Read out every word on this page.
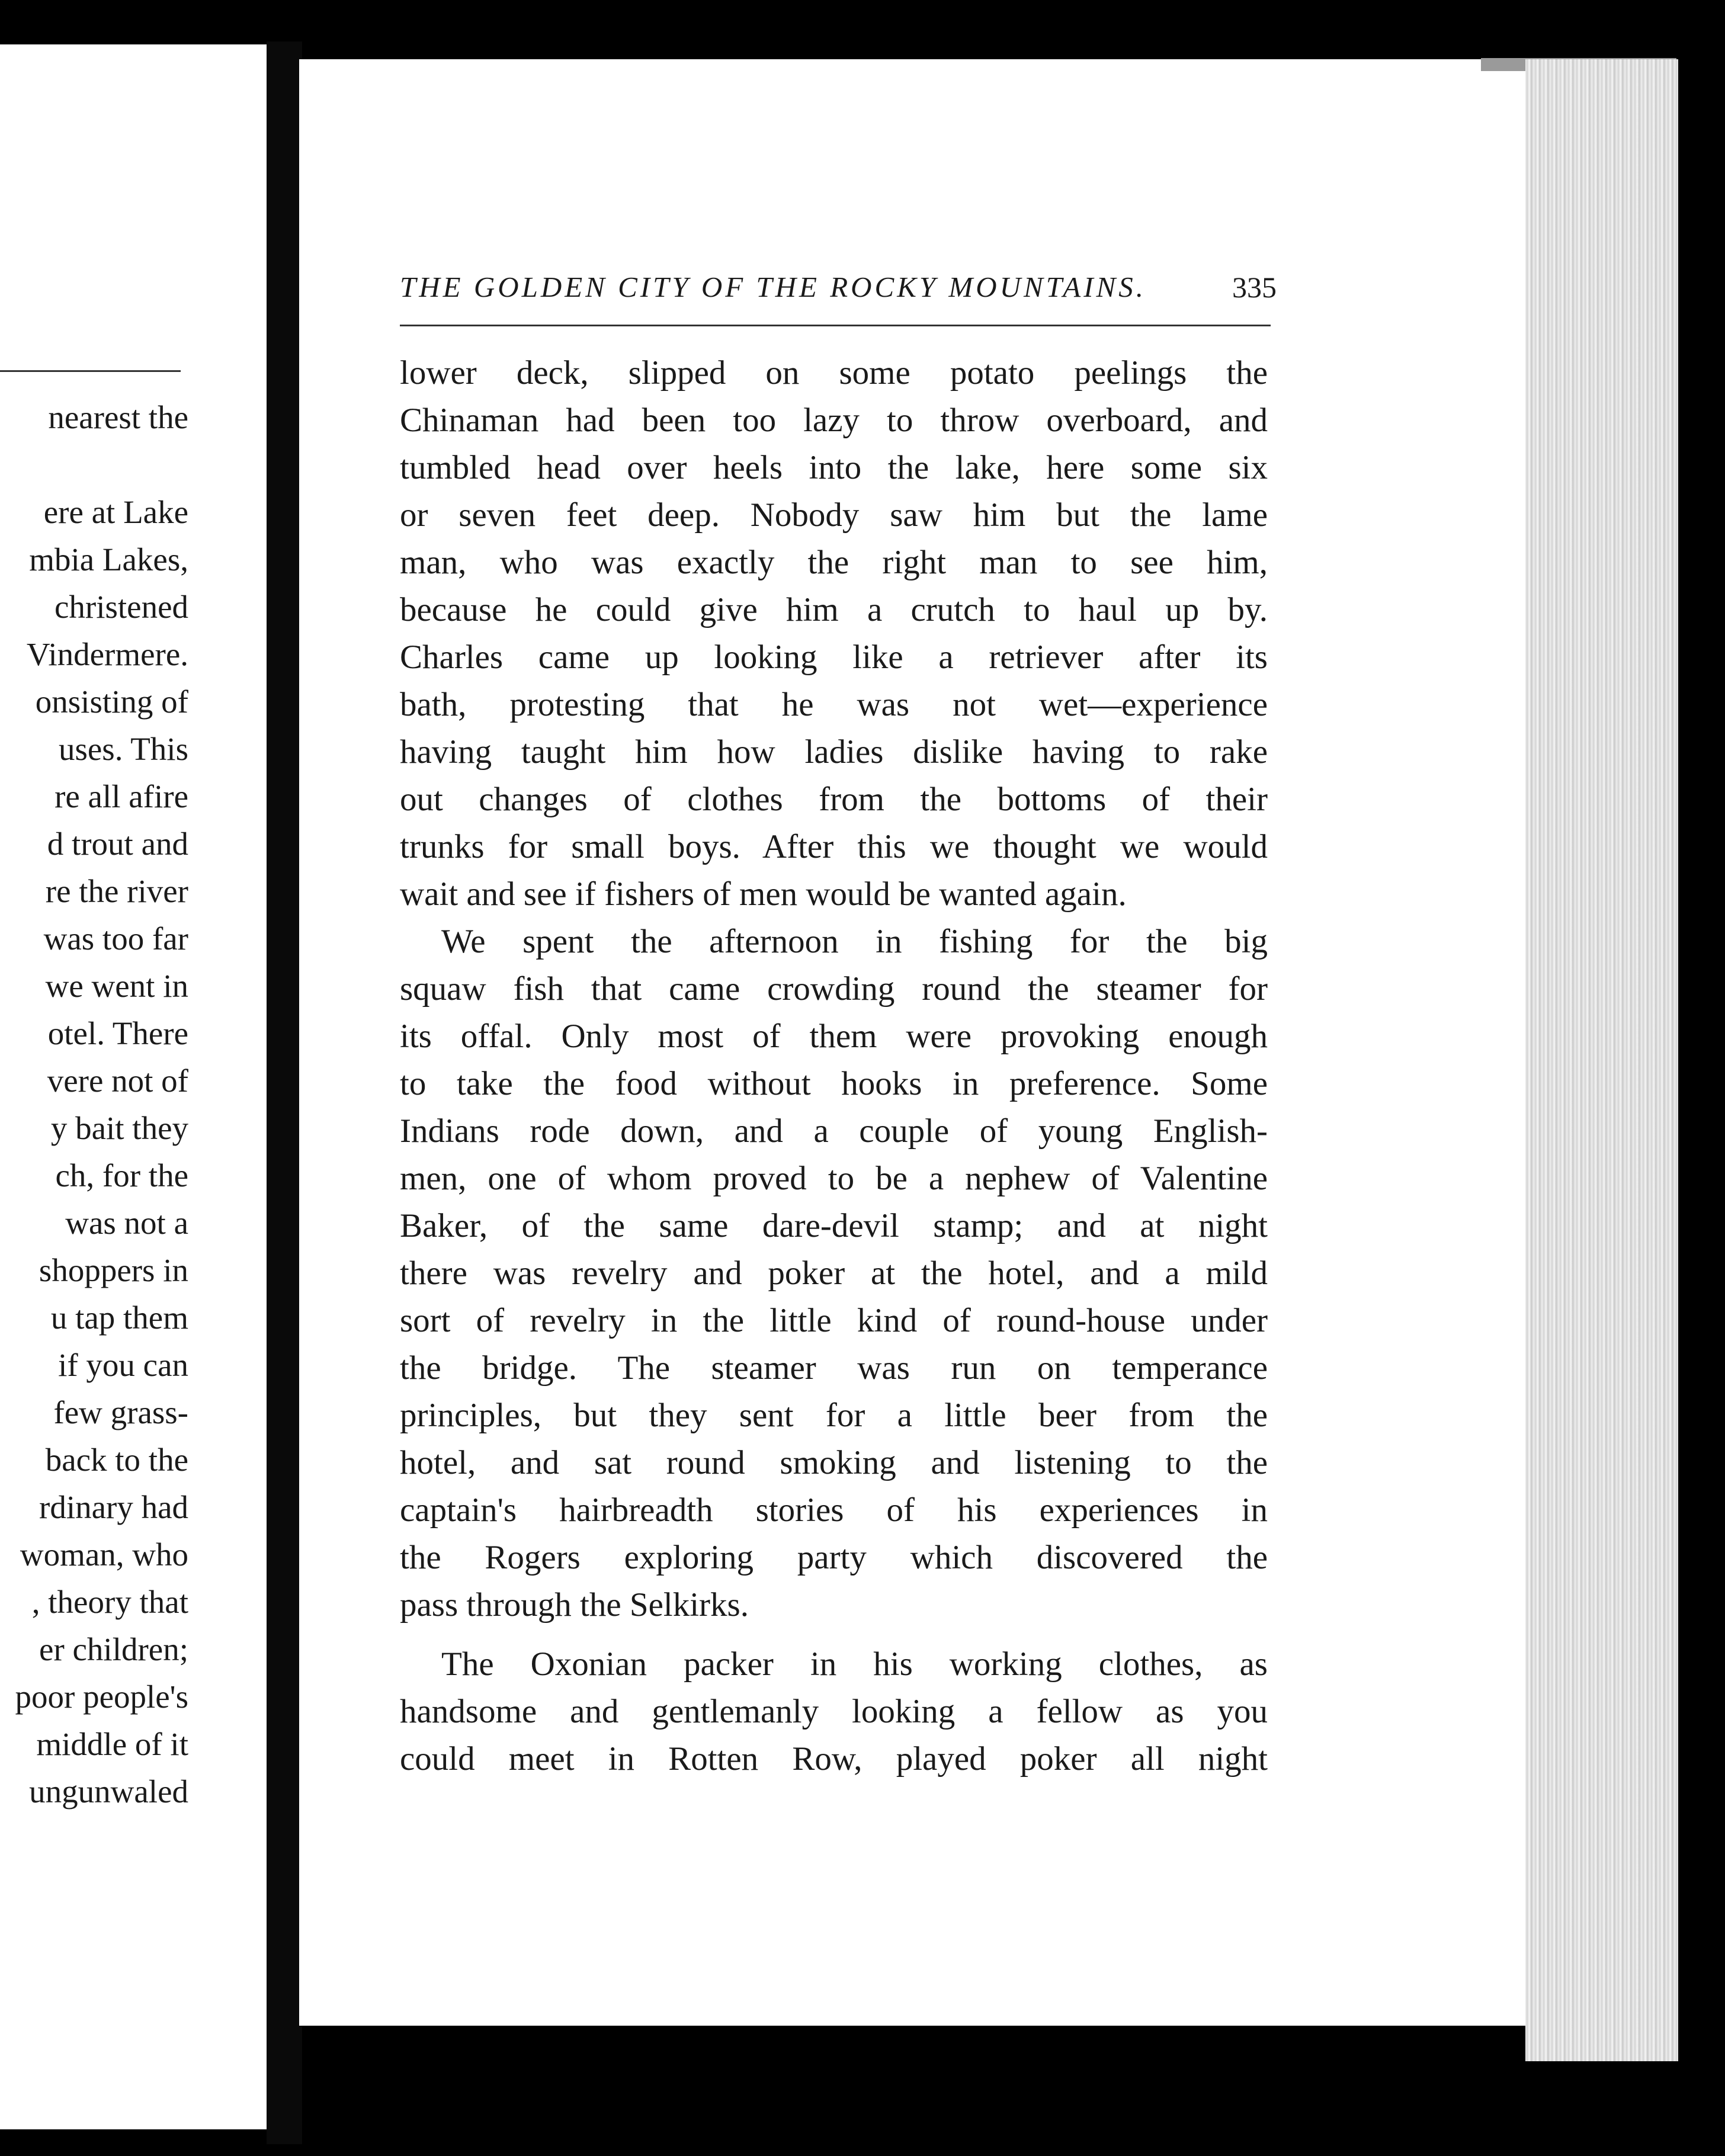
nearest the
ere at Lake
mbia Lakes,
christened
Vindermere.
onsisting of
uses. This
re all afire
d trout and
re the river
was too far
we went in
otel. There
vere not of
y bait they
ch, for the
was not a
shoppers in
u tap them
if you can
few grass-
back to the
rdinary had
woman, who
, theory that
er children;
poor people's
middle of it
ungunwaled
THE GOLDEN CITY OF THE ROCKY MOUNTAINS.	335
lower deck, slipped on some potato peelings the
Chinaman had been too lazy to throw overboard, and
tumbled head over heels into the lake, here some six
or seven feet deep. Nobody saw him but the lame
man, who was exactly the right man to see him,
because he could give him a crutch to haul up by.
Charles came up looking like a retriever after its
bath, protesting that he was not wet—experience
having taught him how ladies dislike having to rake
out changes of clothes from the bottoms of their
trunks for small boys. After this we thought we would
wait and see if fishers of men would be wanted again.
We spent the afternoon in fishing for the big
squaw fish that came crowding round the steamer for
its offal. Only most of them were provoking enough
to take the food without hooks in preference. Some
Indians rode down, and a couple of young English-
men, one of whom proved to be a nephew of Valentine
Baker, of the same dare-devil stamp; and at night
there was revelry and poker at the hotel, and a mild
sort of revelry in the little kind of round-house under
the bridge. The steamer was run on temperance
principles, but they sent for a little beer from the
hotel, and sat round smoking and listening to the
captain's hairbreadth stories of his experiences in
the Rogers exploring party which discovered the
pass through the Selkirks.
The Oxonian packer in his working clothes, as
handsome and gentlemanly looking a fellow as you
could meet in Rotten Row, played poker all night
